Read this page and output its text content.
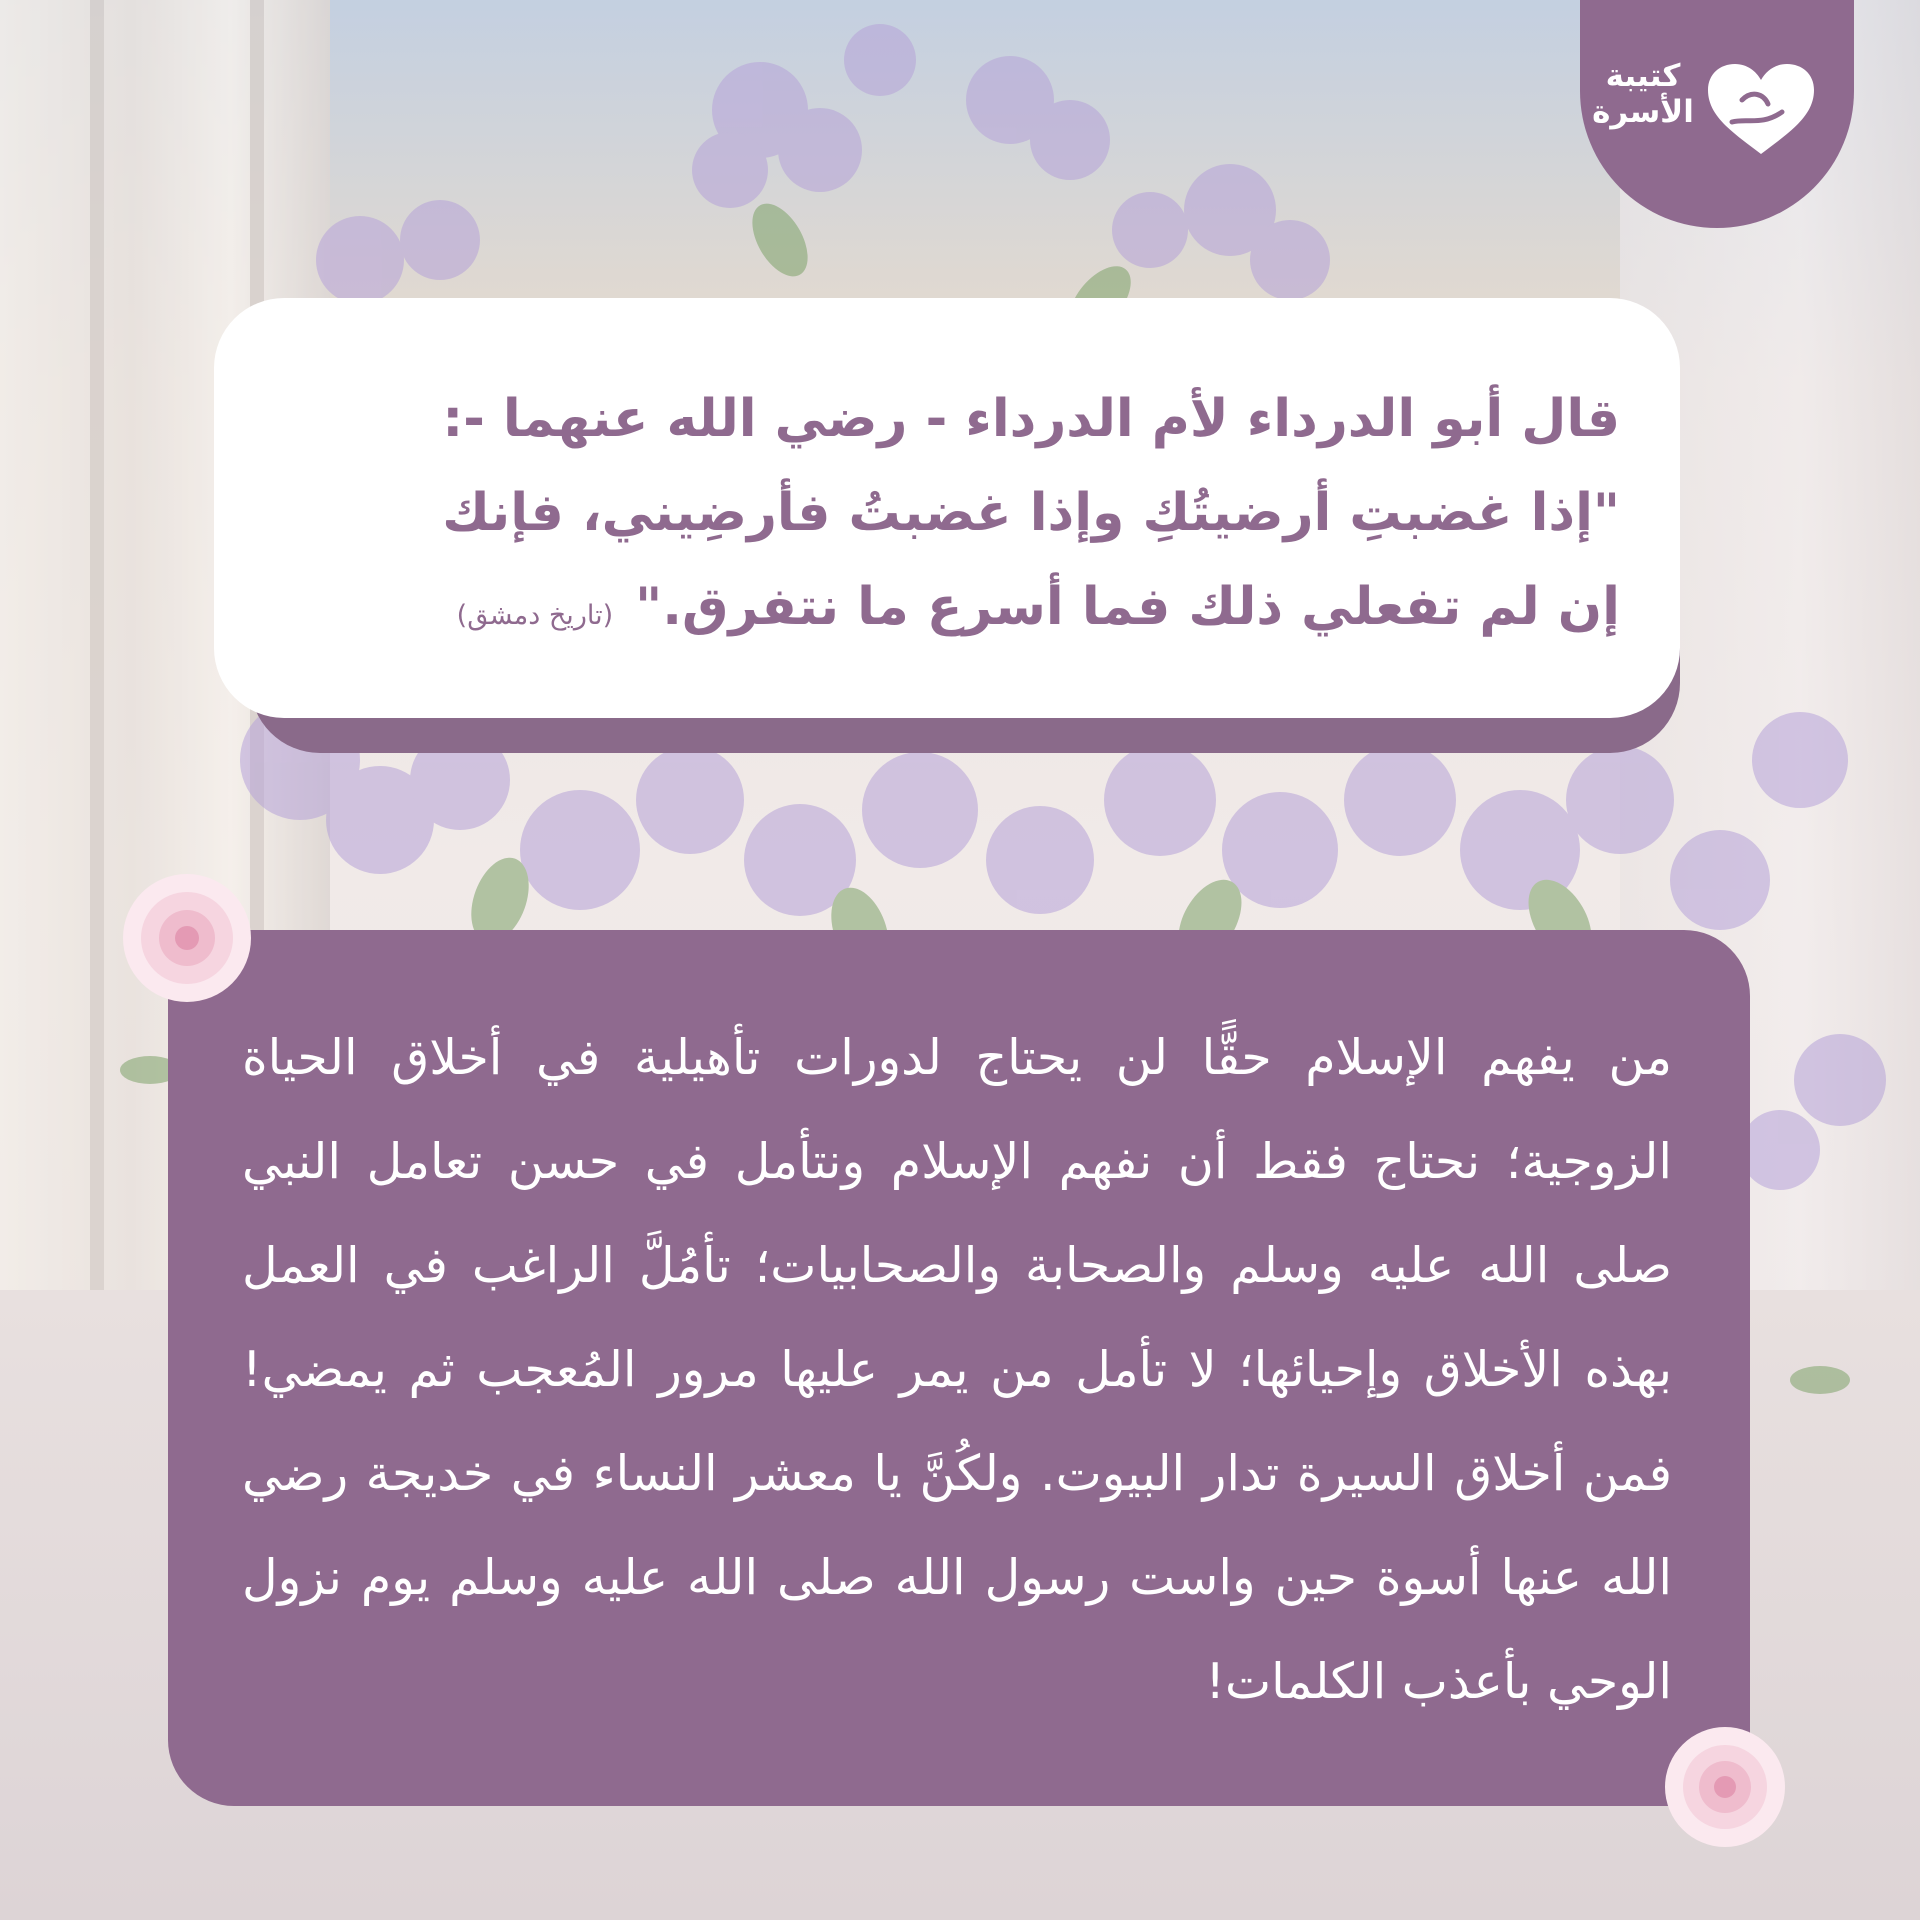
كتيبة
الأسرة
قال أبو الدرداء لأم الدرداء - رضي الله عنهما -:
"إذا غضبتِ أرضيتُكِ وإذا غضبتُ فأرضِيني، فإنك
إن لم تفعلي ذلك فما أسرع ما نتفرق."(تاريخ دمشق)
من يفهم الإسلام حقًّا لن يحتاج لدورات تأهيلية في أخلاق الحياة الزوجية؛ نحتاج فقط أن نفهم الإسلام ونتأمل في حسن تعامل النبي صلى الله عليه وسلم والصحابة والصحابيات؛ تأمُلَّ الراغب في العمل بهذه الأخلاق وإحيائها؛ لا تأمل من يمر عليها مرور المُعجب ثم يمضي! فمن أخلاق السيرة تدار البيوت. ولكُنَّ يا معشر النساء في خديجة رضي الله عنها أسوة حين واست رسول الله صلى الله عليه وسلم يوم نزول الوحي بأعذب الكلمات!
